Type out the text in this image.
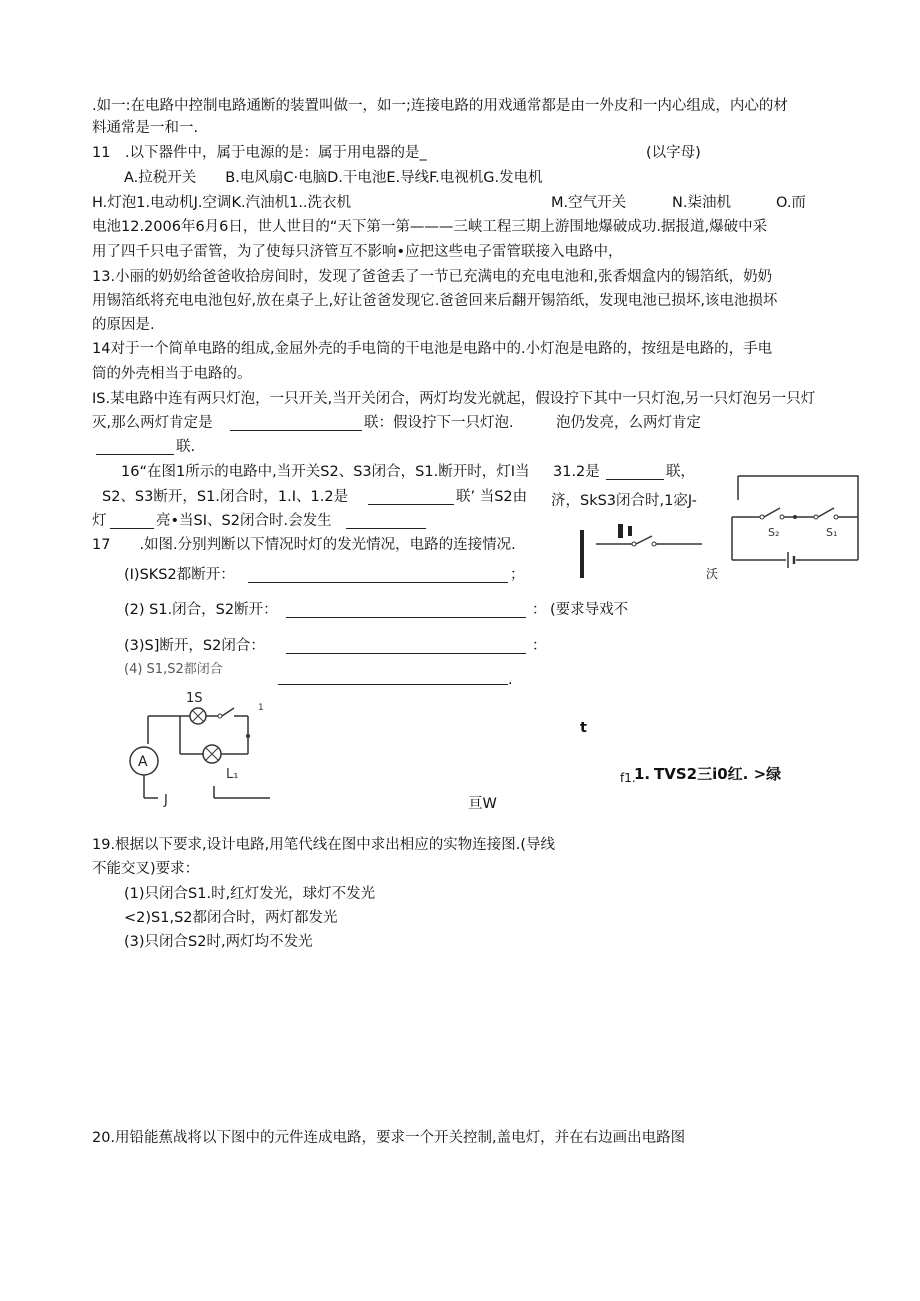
.如一:在电路中控制电路通断的装置叫做一，如一;连接电路的用戏通常都是由一外皮和一内心组成，内心的材
料通常是一和一.
11　.以下器件中，属于电源的是：属于用电器的是_	(以字母)
A.拉税开关　　B.电风扇C·电脑D.干电池E.导线F.电视机G.发电机
H.灯泡1.电动机J.空调K.汽油机1..洗衣机	M.空气开关	N.柒油机	O.而
电池12.2006年6月6日，世人世目的“天下第一第———三峡工程三期上游围地爆破成功.据报道,爆破中采
用了四千只电子雷管，为了使每只济管互不影响•应把这些电子雷管联接入电路中，
13.小丽的奶奶给爸爸收拾房间时，发现了爸爸丢了一节已充满电的充电电池和,张香烟盒内的锡箔纸，奶奶
用锡箔纸将充电电池包好,放在桌子上,好让爸爸发现它.爸爸回来后翻开锡箔纸，发现电池已损坏,该电池损坏
的原因是.
14对于一个简单电路的组成,金屈外壳的手电筒的干电池是电路中的.小灯泡是电路的，按纽是电路的，手电
筒的外壳相当于电路的。
IS.某电路中连有两只灯泡，一只开关,当开关闭合，两灯均发光就起，假设拧下其中一只灯泡,另一只灯泡另一只灯
灭,那么两灯肯定是	联：假设拧下一只灯泡.	泡仍发亮，么两灯肯定
联.
16“在图1所示的电路中,当开关S2、S3闭合，S1.断开时，灯I当 31.2是	联，
S2、S3断开，S1.闭合时，1.I、1.2是	联’ 当S2由 济，SkS3闭合时,1宓J-
灯	亮•当SI、S2闭合时.会发生
S₂	S₁
沃
17　　.如图.分别判断以下情况时灯的发光情况，电路的连接情况.
(I)SKS2都断开：	；
(2) S1.闭合，S2断开：	： (要求导戏不
(3)S]断开，S2闭合：	：
(4) S1,S2都闭合
.
1S
A
1
L₁
J
t
亘W
f1.
1. TVS2三i0红. >绿
19.根据以下要求,设计电路,用笔代线在图中求出相应的实物连接图.(导线
不能交叉)要求：
(1)只闭合S1.时,红灯发光，球灯不发光
<2)S1,S2都闭合时，两灯都发光
(3)只闭合S2时,两灯均不发光
20.用铅能蕉战将以下图中的元件连成电路，要求一个开关控制,盖电灯，并在右边画出电路图
